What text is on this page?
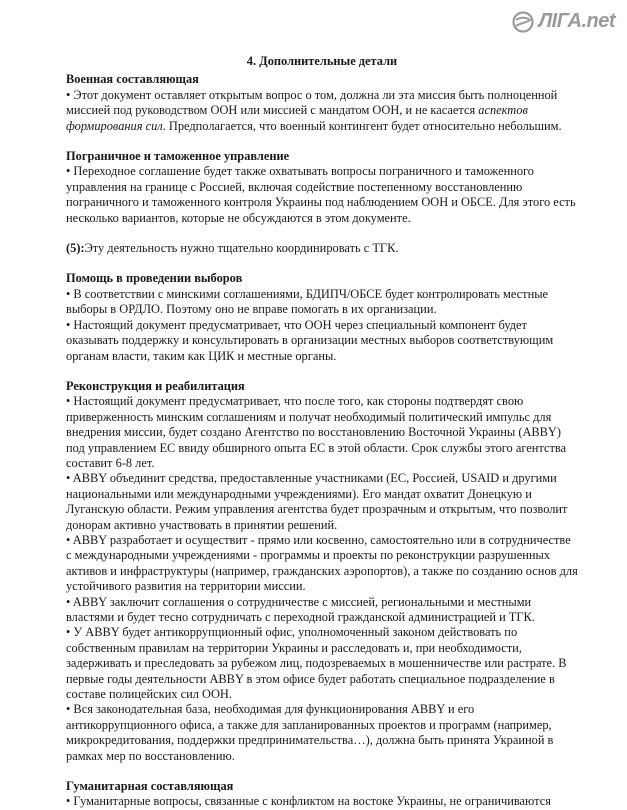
ЛIГА.net

4. Дополнительные детали

Военная составляющая

• Этот документ оставляет открытым вопрос о том, должна ли эта миссия быть полноценной миссией под руководством ООН или миссией с мандатом ООН, и не касается аспектов формирования сил. Предполагается, что военный контингент будет относительно небольшим.

Пограничное и таможенное управление

• Переходное соглашение будет также охватывать вопросы пограничного и таможенного управления на границе с Россией, включая содействие постепенному восстановлению пограничного и таможенного контроля Украины под наблюдением ООН и ОБСЕ. Для этого есть несколько вариантов, которые не обсуждаются в этом документе.

(5):Эту деятельность нужно тщательно координировать с ТГК.

Помощь в проведении выборов

• В соответствии с минскими соглашениями, БДИПЧ/ОБСЕ будет контролировать местные выборы в ОРДЛО. Поэтому оно не вправе помогать в их организации.

• Настоящий документ предусматривает, что ООН через специальный компонент будет оказывать поддержку и консультировать в организации местных выборов соответствующим органам власти, таким как ЦИК и местные органы.

Реконструкция и реабилитация

• Настоящий документ предусматривает, что после того, как стороны подтвердят свою приверженность минским соглашениям и получат необходимый политический импульс для внедрения миссии, будет создано Агентство по восстановлению Восточной Украины (ABBY) под управлением ЕС ввиду обширного опыта ЕС в этой области. Срок службы этого агентства составит 6-8 лет.

• ABBY объединит средства, предоставленные участниками (ЕС, Россией, USAID и другими национальными или международными учреждениями). Его мандат охватит Донецкую и Луганскую области. Режим управления агентства будет прозрачным и открытым, что позволит донорам активно участвовать в принятии решений.

• ABBY разработает и осуществит - прямо или косвенно, самостоятельно или в сотрудничестве с международными учреждениями - программы и проекты по реконструкции разрушенных активов и инфраструктуры (например, гражданских аэропортов), а также по созданию основ для устойчивого развития на территории миссии.

• ABBY заключит соглашения о сотрудничестве с миссией, региональными и местными властями и будет тесно сотрудничать с переходной гражданской администрацией и ТГК.

• У ABBY будет антикоррупционный офис, уполномоченный законом действовать по собственным правилам на территории Украины и расследовать и, при необходимости, задерживать и преследовать за рубежом лиц, подозреваемых в мошенничестве или растрате. В первые годы деятельности ABBY в этом офисе будет работать специальное подразделение в составе полицейских сил ООН.

• Вся законодательная база, необходимая для функционирования ABBY и его антикоррупционного офиса, а также для запланированных проектов и программ (например, микрокредитования, поддержки предпринимательства…), должна быть принята Украиной в рамках мер по восстановлению.

Гуманитарная составляющая

• Гуманитарные вопросы, связанные с конфликтом на востоке Украины, не ограничиваются
